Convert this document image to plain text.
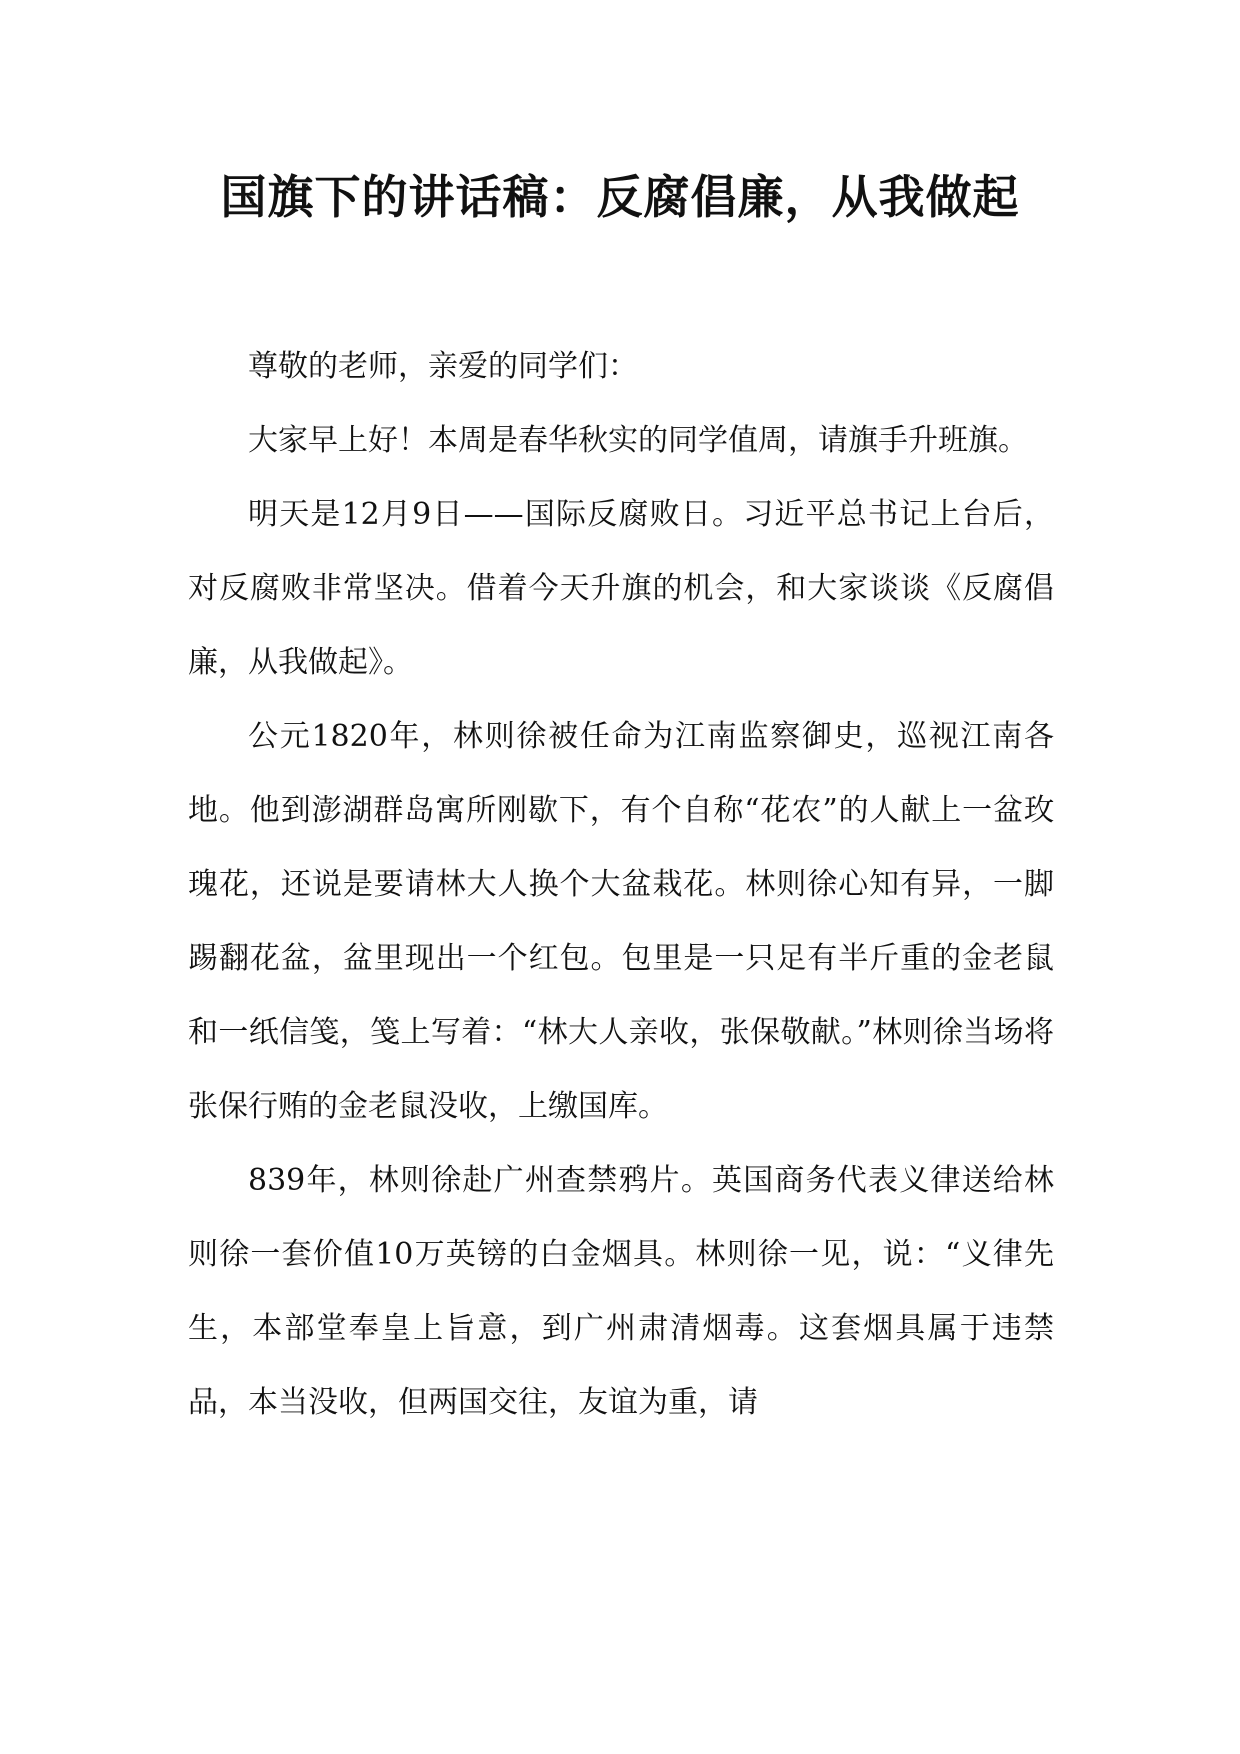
国旗下的讲话稿：反腐倡廉，从我做起

尊敬的老师，亲爱的同学们：

大家早上好！本周是春华秋实的同学值周，请旗手升班旗。

明天是12月9日——国际反腐败日。习近平总书记上台后，对反腐败非常坚决。借着今天升旗的机会，和大家谈谈《反腐倡廉，从我做起》。

公元1820年，林则徐被任命为江南监察御史，巡视江南各地。他到澎湖群岛寓所刚歇下，有个自称“花农”的人献上一盆玫瑰花，还说是要请林大人换个大盆栽花。林则徐心知有异，一脚踢翻花盆，盆里现出一个红包。包里是一只足有半斤重的金老鼠和一纸信笺，笺上写着：“林大人亲收，张保敬献。”林则徐当场将张保行贿的金老鼠没收，上缴国库。

839年，林则徐赴广州查禁鸦片。英国商务代表义律送给林则徐一套价值10万英镑的白金烟具。林则徐一见，说：“义律先生，本部堂奉皇上旨意，到广州肃清烟毒。这套烟具属于违禁品，本当没收，但两国交往，友谊为重，请
